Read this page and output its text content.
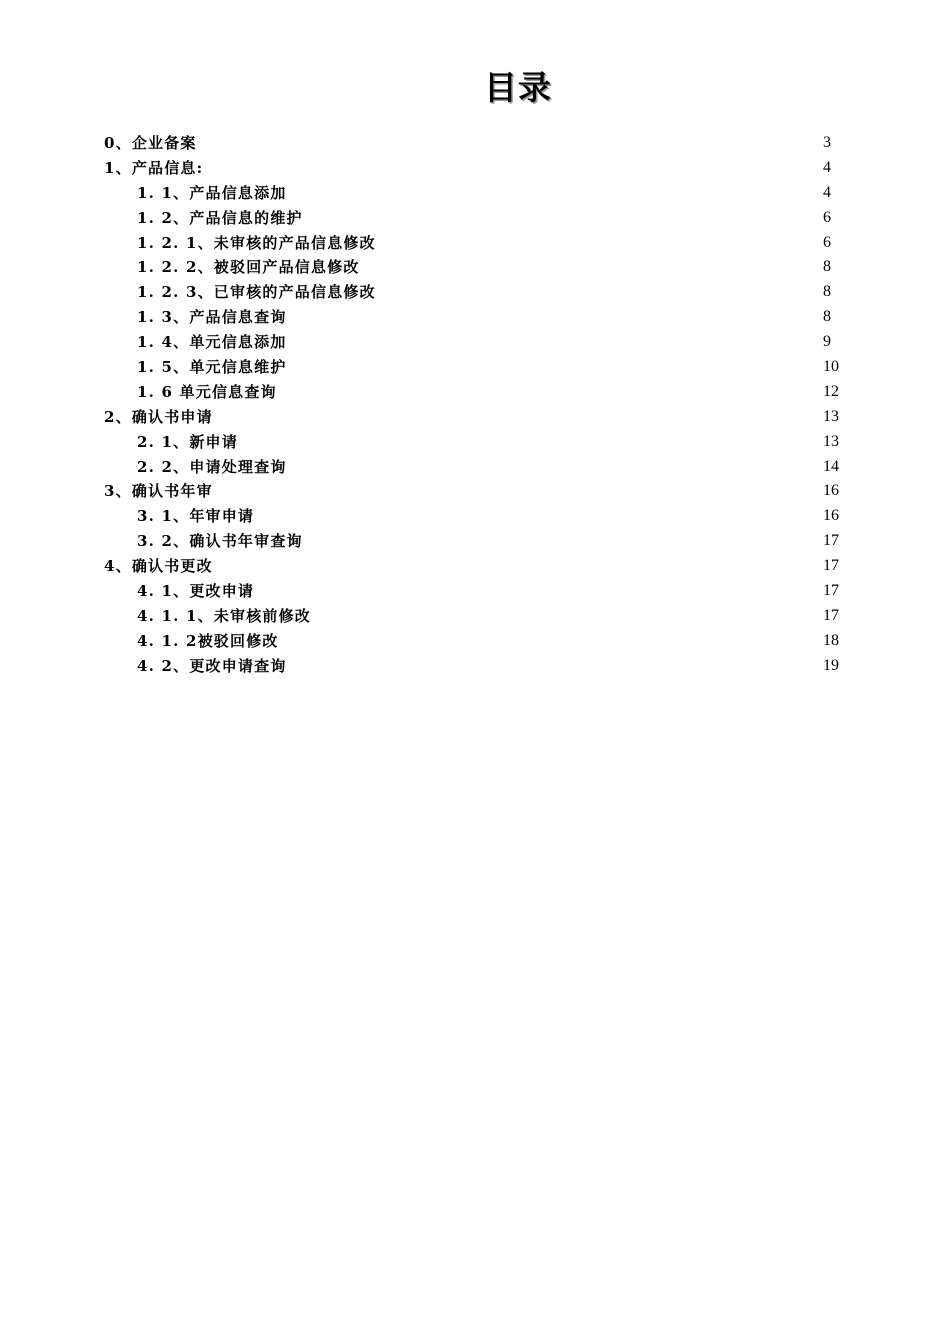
目录
0、企业备案	3
1、产品信息:	4
1. 1、产品信息添加	4
1. 2、产品信息的维护	6
1. 2. 1、未审核的产品信息修改	6
1. 2. 2、被驳回产品信息修改	8
1. 2. 3、已审核的产品信息修改	8
1. 3、产品信息查询	8
1. 4、单元信息添加	9
1. 5、单元信息维护	10
1. 6 单元信息查询	12
2、确认书申请	13
2. 1、新申请	13
2. 2、申请处理查询	14
3、确认书年审	16
3. 1、年审申请	16
3. 2、确认书年审查询	17
4、确认书更改	17
4. 1、更改申请	17
4. 1. 1、未审核前修改	17
4. 1. 2被驳回修改	18
4. 2、更改申请查询	19
